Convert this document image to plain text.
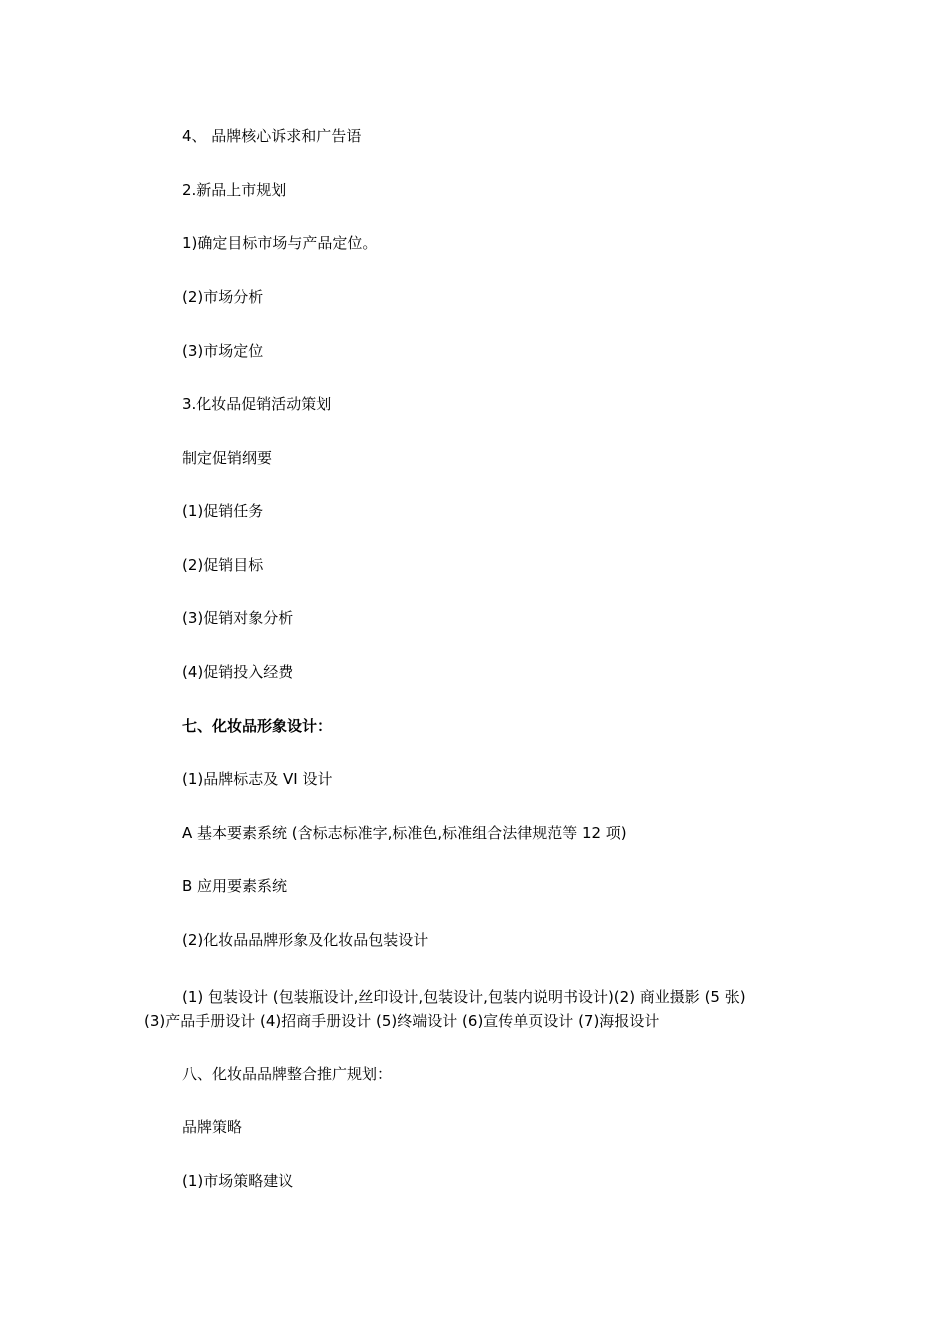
4、 品牌核心诉求和广告语
2.新品上市规划
1)确定目标市场与产品定位。
(2)市场分析
(3)市场定位
3.化妆品促销活动策划
制定促销纲要
(1)促销任务
(2)促销目标
(3)促销对象分析
(4)促销投入经费
七、化妆品形象设计：
(1)品牌标志及 VI 设计
A 基本要素系统 (含标志标准字,标准色,标准组合法律规范等 12 项)
B 应用要素系统
(2)化妆品品牌形象及化妆品包装设计
(1) 包装设计 (包装瓶设计,丝印设计,包装设计,包装内说明书设计)(2) 商业摄影 (5 张)
(3)产品手册设计 (4)招商手册设计 (5)终端设计 (6)宣传单页设计 (7)海报设计
八、化妆品品牌整合推广规划：
品牌策略
(1)市场策略建议
